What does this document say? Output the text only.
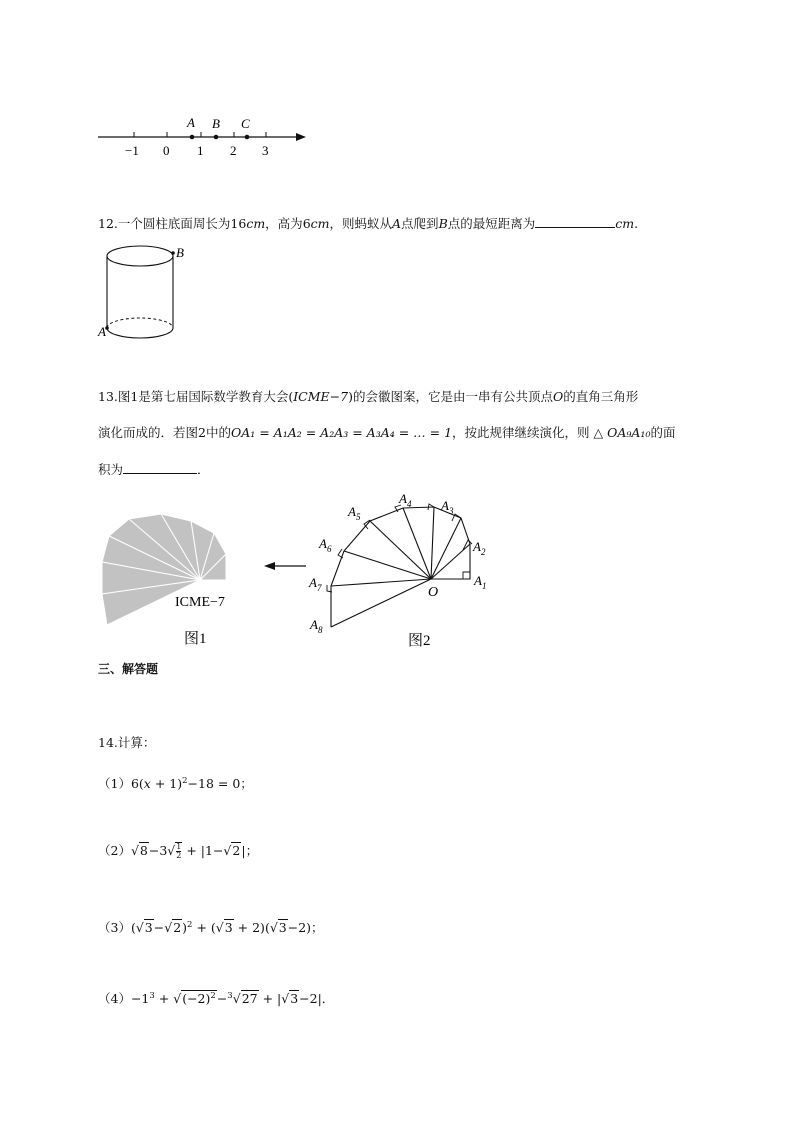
A B C
−1 0 1 2 3
12.一个圆柱底面周长为16cm，高为6cm，则蚂蚁从A点爬到B点的最短距离为	cm.
B
A
13.图1是第七届国际数学教育大会(ICME−7)的会徽图案，它是由一串有公共顶点O的直角三角形
演化而成的．若图2中的OA₁ = A₁A₂ = A₂A₃ = A₃A₄ = … = 1，按此规律继续演化，则 △ OA₉A₁₀的面
积为	．
ICME−7
图1
$A_2$
$A_1$
$A_3$
$A_4$
$A_5$
$A_6$
$A_7$
$A_8$
O
图2
三、解答题
14.计算：
$(1)6(x + 1)^2-18 = 0$；
$(2)√8-3√ \frac{1}{2} + |1-√2|$；
$(3)(√3-√2)^2 + (√3 + 2)(√3-2)$；
$(4)-1^3 + √(-2)^2-^3√27 + |√3-2|$．
